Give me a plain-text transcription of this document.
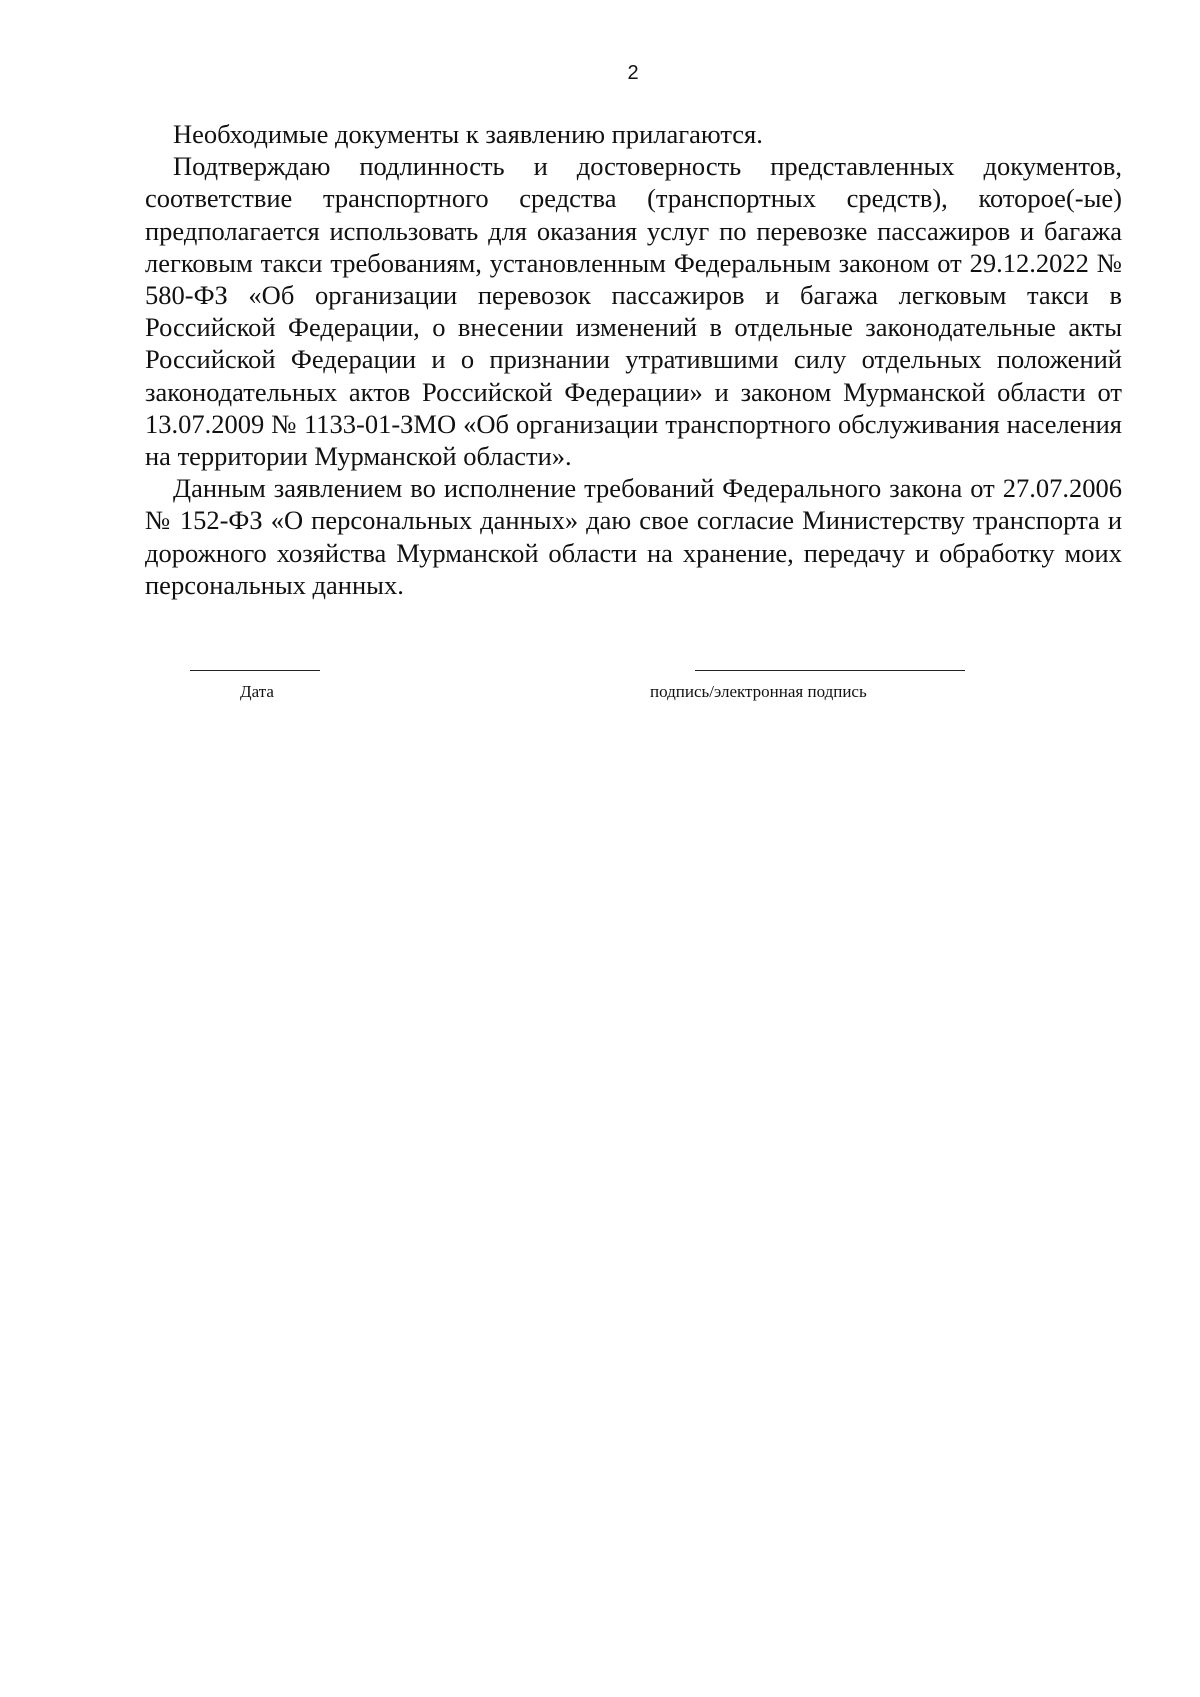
2

Необходимые документы к заявлению прилагаются.

Подтверждаю подлинность и достоверность представленных документов, соответствие транспортного средства (транспортных средств), которое(-ые) предполагается использовать для оказания услуг по перевозке пассажиров и багажа легковым такси требованиям, установленным Федеральным законом от 29.12.2022 № 580-ФЗ «Об организации перевозок пассажиров и багажа легковым такси в Российской Федерации, о внесении изменений в отдельные законодательные акты Российской Федерации и о признании утратившими силу отдельных положений законодательных актов Российской Федерации» и законом Мурманской области от 13.07.2009 № 1133-01-ЗМО «Об организации транспортного обслуживания населения на территории Мурманской области».

Данным заявлением во исполнение требований Федерального закона от 27.07.2006 № 152-ФЗ «О персональных данных» даю свое согласие Министерству транспорта и дорожного хозяйства Мурманской области на хранение, передачу и обработку моих персональных данных.

Дата	подпись/электронная подпись
